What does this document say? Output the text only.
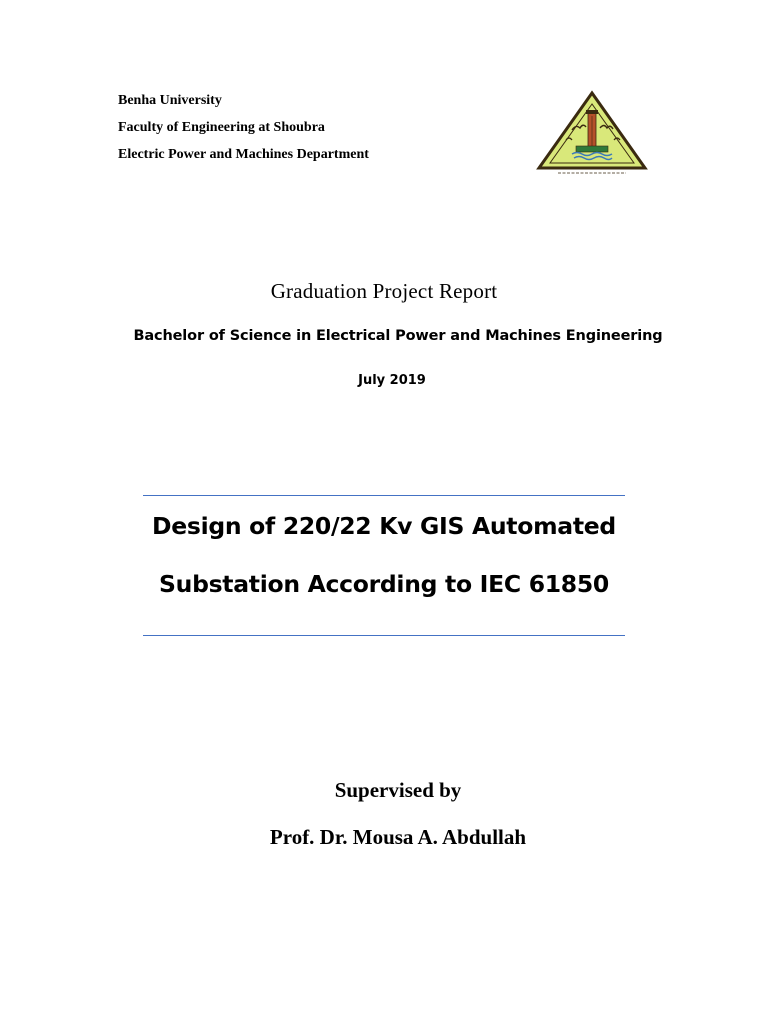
Benha University
Faculty of Engineering at Shoubra
Electric Power and Machines Department
Graduation Project Report
Bachelor of Science in Electrical Power and Machines Engineering
July 2019
Design of 220/22 Kv GIS Automated
Substation According to IEC 61850
Supervised by
Prof. Dr. Mousa A. Abdullah
